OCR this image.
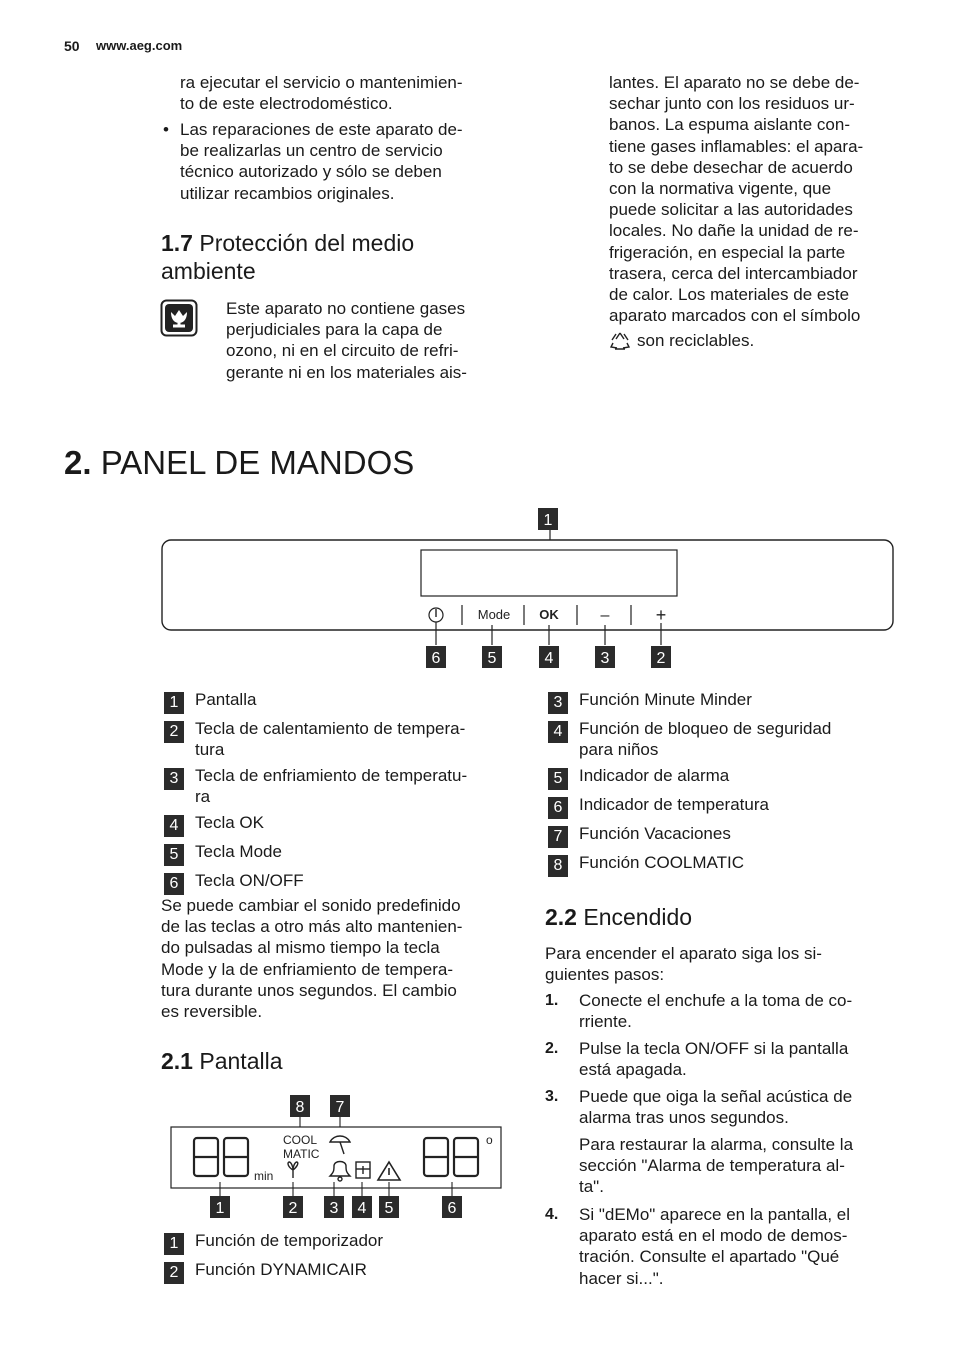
50 www.aeg.com
ra ejecutar el servicio o mantenimien-
to de este electrodoméstico.
• Las reparaciones de este aparato de-
be realizarlas un centro de servicio
técnico autorizado y sólo se deben
utilizar recambios originales.
1.7 Protección del medio
ambiente
Este aparato no contiene gases
perjudiciales para la capa de
ozono, ni en el circuito de refri-
gerante ni en los materiales ais-
lantes. El aparato no se debe de-
sechar junto con los residuos ur-
banos. La espuma aislante con-
tiene gases inflamables: el apara-
to se debe desechar de acuerdo
con la normativa vigente, que
puede solicitar a las autoridades
locales. No dañe la unidad de re-
frigeración, en especial la parte
trasera, cerca del intercambiador
de calor. Los materiales de este
aparato marcados con el símbolo
son reciclables.
2. PANEL DE MANDOS
1
Mode OK	–	+
6	5	4	3	2
1 Pantalla
2 Tecla de calentamiento de tempera-
tura
3 Tecla de enfriamiento de temperatu-
ra
4 Tecla OK
5 Tecla Mode
6 Tecla ON/OFF
Se puede cambiar el sonido predefinido
de las teclas a otro más alto mantenien-
do pulsadas al mismo tiempo la tecla
Mode y la de enfriamiento de tempera-
tura durante unos segundos. El cambio
es reversible.
2.1 Pantalla
8 7
min
COOL
MATIC
o
1	2 3 4 5	6
1 Función de temporizador
2 Función DYNAMICAIR
3 Función Minute Minder
4 Función de bloqueo de seguridad
para niños
5 Indicador de alarma
6 Indicador de temperatura
7 Función Vacaciones
8 Función COOLMATIC
2.2 Encendido
Para encender el aparato siga los si-
guientes pasos:
1. Conecte el enchufe a la toma de co-
rriente.
2. Pulse la tecla ON/OFF si la pantalla
está apagada.
3. Puede que oiga la señal acústica de
alarma tras unos segundos.
Para restaurar la alarma, consulte la
sección "Alarma de temperatura al-
ta".
4. Si "dEMo" aparece en la pantalla, el
aparato está en el modo de demos-
tración. Consulte el apartado "Qué
hacer si...".
